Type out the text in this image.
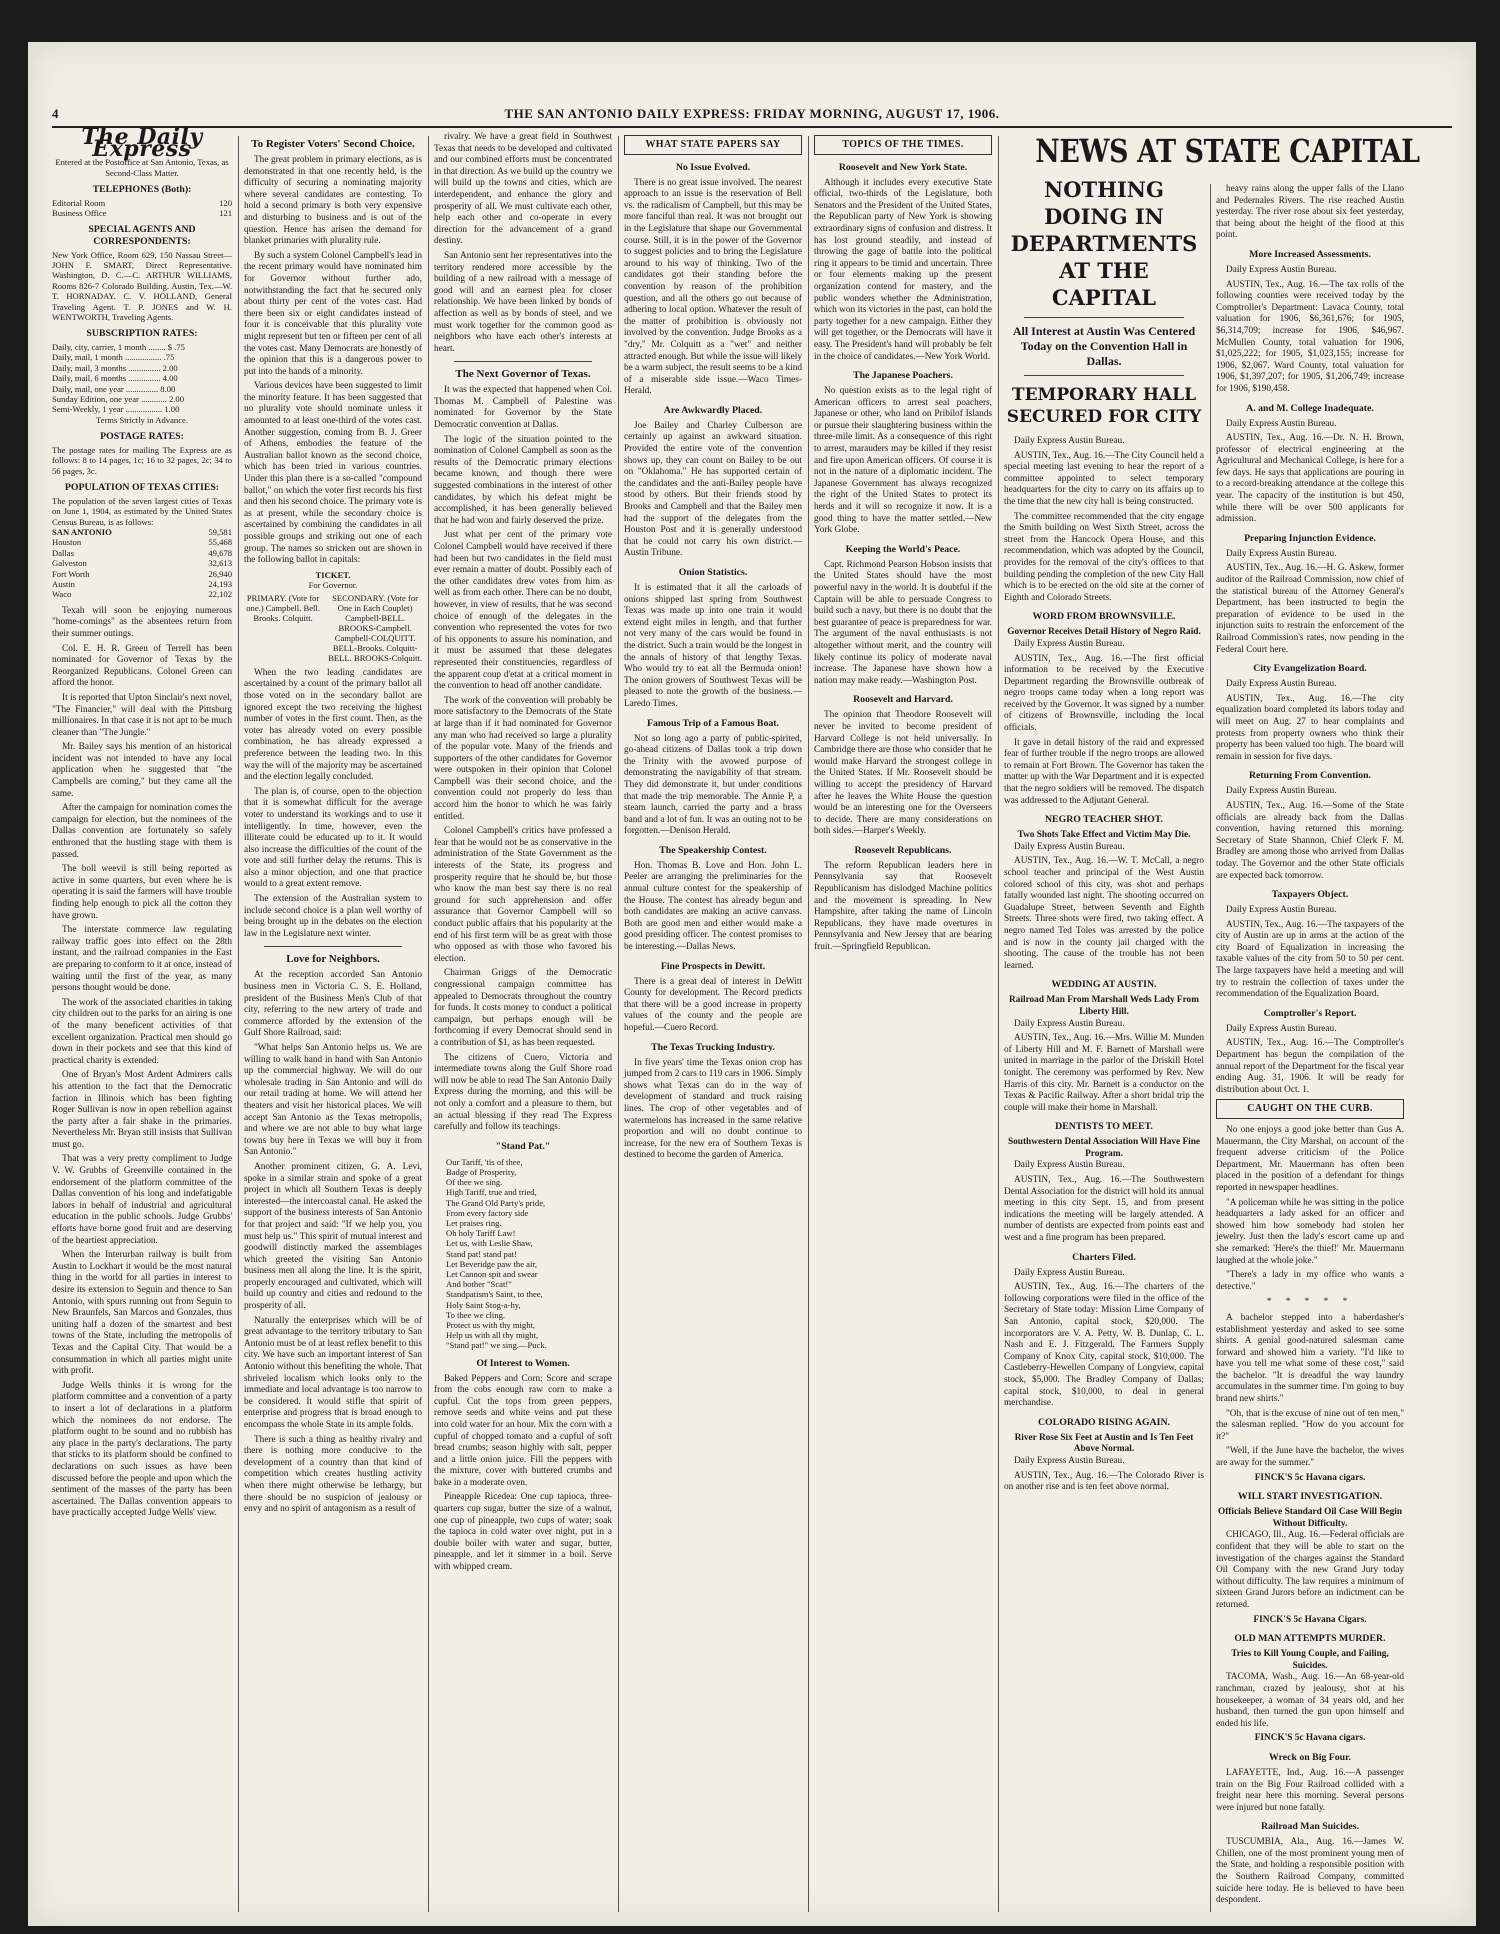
4	THE SAN ANTONIO DAILY EXPRESS: FRIDAY MORNING, AUGUST 17, 1906.
The Daily Express
Entered at the Postoffice at San Antonio, Texas, as Second-Class Matter.
TELEPHONES (Both):
Editorial Room	120
Business Office	121
SPECIAL AGENTS AND CORRESPONDENTS:
New York Office, Room 629, 150 Nassau Street—JOHN F. SMART, Direct Representative. Washington, D. C.—C. ARTHUR WILLIAMS, Rooms 826-7 Colorado Building. Austin, Tex.—W. T. HORNADAY. C. V. HOLLAND, General Traveling Agent. T. P. JONES and W. H. WENTWORTH, Traveling Agents.
SUBSCRIPTION RATES:
Daily, city, carrier, 1 month ........ $ .75
Daily, mail, 1 month ................. .75
Daily, mail, 3 months ............... 2.00
Daily, mail, 6 months ............... 4.00
Daily, mail, one year ............... 8.00
Sunday Edition, one year ............ 2.00
Semi-Weekly, 1 year ................. 1.00
Terms Strictly in Advance.
POSTAGE RATES:
The postage rates for mailing The Express are as follows: 8 to 14 pages, 1c; 16 to 32 pages, 2c; 34 to 56 pages, 3c.
POPULATION OF TEXAS CITIES:
The population of the seven largest cities of Texas on June 1, 1904, as estimated by the United States Census Bureau, is as follows:
SAN ANTONIO	59,581
Houston	55,468
Dallas	49,678
Galveston	32,613
Fort Worth	26,940
Austin	24,193
Waco	22,102

Texah will soon be enjoying numerous "home-comings" as the absentees return from their summer outings.

Col. E. H. R. Green of Terrell has been nominated for Governor of Texas by the Reorganized Republicans. Colonel Green can afford the honor.

It is reported that Upton Sinclair's next novel, "The Financier," will deal with the Pittsburg millionaires. In that case it is not apt to be much cleaner than "The Jungle."

Mr. Bailey says his mention of an historical incident was not intended to have any local application when he suggested that "the Campbells are coming," but they came all the same.

After the campaign for nomination comes the campaign for election, but the nominees of the Dallas convention are fortunately so safely enthroned that the hustling stage with them is passed.

The boll weevil is still being reported as active in some quarters, but even where he is operating it is said the farmers will have trouble finding help enough to pick all the cotton they have grown.

The interstate commerce law regulating railway traffic goes into effect on the 28th instant, and the railroad companies in the East are preparing to conform to it at once, instead of waiting until the first of the year, as many persons thought would be done.

The work of the associated charities in taking city children out to the parks for an airing is one of the many beneficent activities of that excellent organization. Practical men should go down in their pockets and see that this kind of practical charity is extended.

One of Bryan's Most Ardent Admirers calls his attention to the fact that the Democratic faction in Illinois which has been fighting Roger Sullivan is now in open rebellion against the party after a fair shake in the primaries. Nevertheless Mr. Bryan still insists that Sullivan must go.

That was a very pretty compliment to Judge V. W. Grubbs of Greenville contained in the endorsement of the platform committee of the Dallas convention of his long and indefatigable labors in behalf of industrial and agricultural education in the public schools. Judge Grubbs' efforts have borne good fruit and are deserving of the heartiest appreciation.

When the Interurban railway is built from Austin to Lockhart it would be the most natural thing in the world for all parties in interest to desire its extension to Seguin and thence to San Antonio, with spurs running out from Seguin to New Braunfels, San Marcos and Gonzales, thus uniting half a dozen of the smartest and best towns of the State, including the metropolis of Texas and the Capital City. That would be a consummation in which all parties might unite with profit.

Judge Wells thinks it is wrong for the platform committee and a convention of a party to insert a lot of declarations in a platform which the nominees do not endorse. The platform ought to be sound and no rubbish has any place in the party's declarations. The party that sticks to its platform should be confined to declarations on such issues as have been discussed before the people and upon which the sentiment of the masses of the party has been ascertained. The Dallas convention appears to have practically accepted Judge Wells' view.

To Register Voters' Second Choice.

The great problem in primary elections, as is demonstrated in that one recently held, is the difficulty of securing a nominating majority where several candidates are contesting. To hold a second primary is both very expensive and disturbing to business and is out of the question. Hence has arisen the demand for blanket primaries with plurality rule.

By such a system Colonel Campbell's lead in the recent primary would have nominated him for Governor without further ado, notwithstanding the fact that he secured only about thirty per cent of the votes cast. Had there been six or eight candidates instead of four it is conceivable that this plurality vote might represent but ten or fifteen per cent of all the votes cast. Many Democrats are honestly of the opinion that this is a dangerous power to put into the hands of a minority.

Various devices have been suggested to limit the minority feature. It has been suggested that no plurality vote should nominate unless it amounted to at least one-third of the votes cast. Another suggestion, coming from B. J. Greer of Athens, embodies the feature of the Australian ballot known as the second choice, which has been tried in various countries. Under this plan there is a so-called "compound ballot," on which the voter first records his first and then his second choice. The primary vote is as at present, while the secondary choice is ascertained by combining the candidates in all possible groups and striking out one of each group. The names so stricken out are shown in the following ballot in capitals:

TICKET.
For Governor.
PRIMARY. (Vote for one.) Campbell. Bell. Brooks. Colquitt.
SECONDARY. (Vote for One in Each Couplet) Campbell-BELL. BROOKS-Campbell. Campbell-COLQUITT. BELL-Brooks. Colquitt-BELL. BROOKS-Colquitt.

When the two leading candidates are ascertained by a count of the primary ballot all those voted on in the secondary ballot are ignored except the two receiving the highest number of votes in the first count. Then, as the voter has already voted on every possible combination, he has already expressed a preference between the leading two. In this way the will of the majority may be ascertained and the election legally concluded.

The plan is, of course, open to the objection that it is somewhat difficult for the average voter to understand its workings and to use it intelligently. In time, however, even the illiterate could be educated up to it. It would also increase the difficulties of the count of the vote and still further delay the returns. This is also a minor objection, and one that practice would to a great extent remove.

The extension of the Australian system to include second choice is a plan well worthy of being brought up in the debates on the election law in the Legislature next winter.

Love for Neighbors.

At the reception accorded San Antonio business men in Victoria C. S. E. Holland, president of the Business Men's Club of that city, referring to the new artery of trade and commerce afforded by the extension of the Gulf Shore Railroad, said:

"What helps San Antonio helps us. We are willing to walk hand in hand with San Antonio up the commercial highway. We will do our wholesale trading in San Antonio and will do our retail trading at home. We will attend her theaters and visit her historical places. We will accept San Antonio as the Texas metropolis, and where we are not able to buy what large towns buy here in Texas we will buy it from San Antonio."

Another prominent citizen, G. A. Levi, spoke in a similar strain and spoke of a great project in which all Southern Texas is deeply interested—the intercoastal canal. He asked the support of the business interests of San Antonio for that project and said: "If we help you, you must help us." This spirit of mutual interest and goodwill distinctly marked the assemblages which greeted the visiting San Antonio business men all along the line. It is the spirit, properly encouraged and cultivated, which will build up country and cities and redound to the prosperity of all.

Naturally the enterprises which will be of great advantage to the territory tributary to San Antonio must be of at least reflex benefit to this city. We have such an important interest of San Antonio without this benefiting the whole. That shriveled localism which looks only to the immediate and local advantage is too narrow to be considered. It would stifle that spirit of enterprise and progress that is broad enough to encompass the whole State in its ample folds.

There is such a thing as healthy rivalry and there is nothing more conducive to the development of a country than that kind of competition which creates hustling activity when there might otherwise be lethargy, but there should be no suspicion of jealousy or envy and no spirit of antagonism as a result of

rivalry. We have a great field in Southwest Texas that needs to be developed and cultivated and our combined efforts must be concentrated in that direction. As we build up the country we will build up the towns and cities, which are interdependent, and enhance the glory and prosperity of all. We must cultivate each other, help each other and co-operate in every direction for the advancement of a grand destiny.

San Antonio sent her representatives into the territory rendered more accessible by the building of a new railroad with a message of good will and an earnest plea for closer relationship. We have been linked by bonds of affection as well as by bonds of steel, and we must work together for the common good as neighbors who have each other's interests at heart.

The Next Governor of Texas.

It was the expected that happened when Col. Thomas M. Campbell of Palestine was nominated for Governor by the State Democratic convention at Dallas.

The logic of the situation pointed to the nomination of Colonel Campbell as soon as the results of the Democratic primary elections became known, and though there were suggested combinations in the interest of other candidates, by which his defeat might be accomplished, it has been generally believed that he had won and fairly deserved the prize.

Just what per cent of the primary vote Colonel Campbell would have received if there had been but two candidates in the field must ever remain a matter of doubt. Possibly each of the other candidates drew votes from him as well as from each other. There can be no doubt, however, in view of results, that he was second choice of enough of the delegates in the convention who represented the votes for two of his opponents to assure his nomination, and it must be assumed that these delegates represented their constituencies, regardless of the apparent coup d'etat at a critical moment in the convention to head off another candidate.

The work of the convention will probably be more satisfactory to the Democrats of the State at large than if it had nominated for Governor any man who had received so large a plurality of the popular vote. Many of the friends and supporters of the other candidates for Governor were outspoken in their opinion that Colonel Campbell was their second choice, and the convention could not properly do less than accord him the honor to which he was fairly entitled.

Colonel Campbell's critics have professed a fear that he would not be as conservative in the administration of the State Government as the interests of the State, its progress and prosperity require that he should be, but those who know the man best say there is no real ground for such apprehension and offer assurance that Governor Campbell will so conduct public affairs that his popularity at the end of his first term will be as great with those who opposed as with those who favored his election.

Chairman Griggs of the Democratic congressional campaign committee has appealed to Democrats throughout the country for funds. It costs money to conduct a political campaign, but perhaps enough will be forthcoming if every Democrat should send in a contribution of $1, as has been requested.

The citizens of Cuero, Victoria and intermediate towns along the Gulf Shore road will now be able to read The San Antonio Daily Express during the morning, and this will be not only a comfort and a pleasure to them, but an actual blessing if they read The Express carefully and follow its teachings.

"Stand Pat."
Our Tariff, 'tis of thee,
Badge of Prosperity,
Of thee we sing.
High Tariff, true and tried,
The Grand Old Party's pride,
From every factory side
Let praises ring.
Oh holy Tariff Law!
Let us, with Leslie Shaw,
Stand pat! stand pat!
Let Beveridge paw the air,
Let Cannon spit and swear
And bother "Scat!"
Standpatism's Saint, to thee,
Holy Saint Stog-a-hy,
To thee we cling.
Protect us with thy might,
Help us with all thy might,
"Stand pat!" we sing.—Puck.
Of Interest to Women.

Baked Peppers and Corn: Score and scrape from the cobs enough raw corn to make a cupful. Cut the tops from green peppers, remove seeds and white veins and put these into cold water for an hour. Mix the corn with a cupful of chopped tomato and a cupful of soft bread crumbs; season highly with salt, pepper and a little onion juice. Fill the peppers with the mixture, cover with buttered crumbs and bake in a moderate oven.

Pineapple Ricedea: One cup tapioca, three-quarters cup sugar, butter the size of a walnut, one cup of pineapple, two cups of water; soak the tapioca in cold water over night, put in a double boiler with water and sugar, butter, pineapple, and let it simmer in a boil. Serve with whipped cream.

WHAT STATE PAPERS SAY
No Issue Evolved.

There is no great issue involved. The nearest approach to an issue is the reservation of Bell vs. the radicalism of Campbell, but this may be more fanciful than real. It was not brought out in the Legislature that shape our Governmental course. Still, it is in the power of the Governor to suggest policies and to bring the Legislature around to his way of thinking. Two of the candidates got their standing before the convention by reason of the prohibition question, and all the others go out because of adhering to local option. Whatever the result of the matter of prohibition is obviously not involved by the convention. Judge Brooks as a "dry," Mr. Colquitt as a "wet" and neither attracted enough. But while the issue will likely be a warm subject, the result seems to be a kind of a miserable side issue.—Waco Times-Herald.

Are Awkwardly Placed.

Joe Bailey and Charley Culberson are certainly up against an awkward situation. Provided the entire vote of the convention shows up, they can count on Bailey to be out on "Oklahoma." He has supported certain of the candidates and the anti-Bailey people have stood by others. But their friends stood by Brooks and Campbell and that the Bailey men had the support of the delegates from the Houston Post and it is generally understood that he could not carry his own district.—Austin Tribune.

Onion Statistics.

It is estimated that it all the carloads of onions shipped last spring from Southwest Texas was made up into one train it would extend eight miles in length, and that further not very many of the cars would be found in the district. Such a train would be the longest in the annals of history of that lengthy Texas. Who would try to eat all the Bermuda onion! The onion growers of Southwest Texas will be pleased to note the growth of the business.—Laredo Times.

Famous Trip of a Famous Boat.

Not so long ago a party of public-spirited, go-ahead citizens of Dallas took a trip down the Trinity with the avowed purpose of demonstrating the navigability of that stream. They did demonstrate it, but under conditions that made the trip memorable. The Annie P, a steam launch, carried the party and a brass band and a lot of fun. It was an outing not to be forgotten.—Denison Herald.

The Speakership Contest.

Hon. Thomas B. Love and Hon. John L. Peeler are arranging the preliminaries for the annual culture contest for the speakership of the House. The contest has already begun and both candidates are making an active canvass. Both are good men and either would make a good presiding officer. The contest promises to be interesting.—Dallas News.

Fine Prospects in Dewitt.

There is a great deal of interest in DeWitt County for development. The Record predicts that there will be a good increase in property values of the county and the people are hopeful.—Cuero Record.

The Texas Trucking Industry.

In five years' time the Texas onion crop has jumped from 2 cars to 119 cars in 1906. Simply shows what Texas can do in the way of development of standard and truck raising lines. The crop of other vegetables and of watermelons has increased in the same relative proportion and will no doubt continue to increase, for the new era of Southern Texas is destined to become the garden of America.

TOPICS OF THE TIMES.
Roosevelt and New York State.

Although it includes every executive State official, two-thirds of the Legislature, both Senators and the President of the United States, the Republican party of New York is showing extraordinary signs of confusion and distress. It has lost ground steadily, and instead of throwing the gage of battle into the political ring it appears to be timid and uncertain. Three or four elements making up the present organization contend for mastery, and the public wonders whether the Administration, which won its victories in the past, can hold the party together for a new campaign. Either they will get together, or the Democrats will have it easy. The President's hand will probably be felt in the choice of candidates.—New York World.

The Japanese Poachers.

No question exists as to the legal right of American officers to arrest seal poachers, Japanese or other, who land on Pribilof Islands or pursue their slaughtering business within the three-mile limit. As a consequence of this right to arrest, marauders may be killed if they resist and fire upon American officers. Of course it is not in the nature of a diplomatic incident. The Japanese Government has always recognized the right of the United States to protect its herds and it will so recognize it now. It is a good thing to have the matter settled.—New York Globe.

Keeping the World's Peace.

Capt. Richmond Pearson Hobson insists that the United States should have the most powerful navy in the world. It is doubtful if the Captain will be able to persuade Congress to build such a navy, but there is no doubt that the best guarantee of peace is preparedness for war. The argument of the naval enthusiasts is not altogether without merit, and the country will likely continue its policy of moderate naval increase. The Japanese have shown how a nation may make ready.—Washington Post.

Roosevelt and Harvard.

The opinion that Theodore Roosevelt will never be invited to become president of Harvard College is not held universally. In Cambridge there are those who consider that he would make Harvard the strongest college in the United States. If Mr. Roosevelt should be willing to accept the presidency of Harvard after he leaves the White House the question would be an interesting one for the Overseers to decide. There are many considerations on both sides.—Harper's Weekly.

Roosevelt Republicans.

The reform Republican leaders here in Pennsylvania say that Roosevelt Republicanism has dislodged Machine politics and the movement is spreading. In New Hampshire, after taking the name of Lincoln Republicans, they have made overtures in Pennsylvania and New Jersey that are bearing fruit.—Springfield Republican.

NEWS AT STATE CAPITAL
NOTHING DOING IN DEPARTMENTS AT THE CAPITAL
All Interest at Austin Was Centered Today on the Convention Hall in Dallas.
TEMPORARY HALL SECURED FOR CITY

Daily Express Austin Bureau.

AUSTIN, Tex., Aug. 16.—The City Council held a special meeting last evening to hear the report of a committee appointed to select temporary headquarters for the city to carry on its affairs up to the time that the new city hall is being constructed.

The committee recommended that the city engage the Smith building on West Sixth Street, across the street from the Hancock Opera House, and this recommendation, which was adopted by the Council, provides for the removal of the city's offices to that building pending the completion of the new City Hall which is to be erected on the old site at the corner of Eighth and Colorado Streets.

WORD FROM BROWNSVILLE.
Governor Receives Detail History of Negro Raid.

Daily Express Austin Bureau.

AUSTIN, Tex., Aug. 16.—The first official information to be received by the Executive Department regarding the Brownsville outbreak of negro troops came today when a long report was received by the Governor. It was signed by a number of citizens of Brownsville, including the local officials.

It gave in detail history of the raid and expressed fear of further trouble if the negro troops are allowed to remain at Fort Brown. The Governor has taken the matter up with the War Department and it is expected that the negro soldiers will be removed. The dispatch was addressed to the Adjutant General.

NEGRO TEACHER SHOT.
Two Shots Take Effect and Victim May Die.

Daily Express Austin Bureau.

AUSTIN, Tex., Aug. 16.—W. T. McCall, a negro school teacher and principal of the West Austin colored school of this city, was shot and perhaps fatally wounded last night. The shooting occurred on Guadalupe Street, between Seventh and Eighth Streets. Three shots were fired, two taking effect. A negro named Ted Toles was arrested by the police and is now in the county jail charged with the shooting. The cause of the trouble has not been learned.

WEDDING AT AUSTIN.
Railroad Man From Marshall Weds Lady From Liberty Hill.

Daily Express Austin Bureau.

AUSTIN, Tex., Aug. 16.—Mrs. Willie M. Munden of Liberty Hill and M. F. Barnett of Marshall were united in marriage in the parlor of the Driskill Hotel tonight. The ceremony was performed by Rev. New Harris of this city. Mr. Barnett is a conductor on the Texas & Pacific Railway. After a short bridal trip the couple will make their home in Marshall.

DENTISTS TO MEET.
Southwestern Dental Association Will Have Fine Program.

Daily Express Austin Bureau.

AUSTIN, Tex., Aug. 16.—The Southwestern Dental Association for the district will hold its annual meeting in this city Sept. 15, and from present indications the meeting will be largely attended. A number of dentists are expected from points east and west and a fine program has been prepared.

Charters Filed.

Daily Express Austin Bureau.

AUSTIN, Tex., Aug. 16.—The charters of the following corporations were filed in the office of the Secretary of State today: Mission Lime Company of San Antonio, capital stock, $20,000. The incorporators are V. A. Petty, W. B. Dunlap, C. L. Nash and E. J. Fitzgerald. The Farmers Supply Company of Knox City, capital stock, $10,000. The Castleberry-Hewellen Company of Longview, capital stock, $5,000. The Bradley Company of Dallas; capital stock, $10,000, to deal in general merchandise.

COLORADO RISING AGAIN.
River Rose Six Feet at Austin and Is Ten Feet Above Normal.

Daily Express Austin Bureau.

AUSTIN, Tex., Aug. 16.—The Colorado River is on another rise and is ten feet above normal.

heavy rains along the upper falls of the Llano and Pedernales Rivers. The rise reached Austin yesterday. The river rose about six feet yesterday, that being about the height of the flood at this point.

More Increased Assessments.

Daily Express Austin Bureau.

AUSTIN, Tex., Aug. 16.—The tax rolls of the following counties were received today by the Comptroller's Department: Lavaca County, total valuation for 1906, $6,361,676; for 1905, $6,314,709; increase for 1906, $46,967. McMullen County, total valuation for 1906, $1,025,222; for 1905, $1,023,155; increase for 1906, $2,067. Ward County, total valuation for 1906, $1,397,207; for 1905, $1,206,749; increase for 1906, $190,458.

A. and M. College Inadequate.

Daily Express Austin Bureau.

AUSTIN, Tex., Aug. 16.—Dr. N. H. Brown, professor of electrical engineering at the Agricultural and Mechanical College, is here for a few days. He says that applications are pouring in to a record-breaking attendance at the college this year. The capacity of the institution is but 450, while there will be over 500 applicants for admission.

Preparing Injunction Evidence.

Daily Express Austin Bureau.

AUSTIN, Tex., Aug. 16.—H. G. Askew, former auditor of the Railroad Commission, now chief of the statistical bureau of the Attorney General's Department, has been instructed to begin the preparation of evidence to be used in the injunction suits to restrain the enforcement of the Railroad Commission's rates, now pending in the Federal Court here.

City Evangelization Board.

Daily Express Austin Bureau.

AUSTIN, Tex., Aug. 16.—The city equalization board completed its labors today and will meet on Aug. 27 to hear complaints and protests from property owners who think their property has been valued too high. The board will remain in session for five days.

Returning From Convention.

Daily Express Austin Bureau.

AUSTIN, Tex., Aug. 16.—Some of the State officials are already back from the Dallas convention, having returned this morning. Secretary of State Shannon, Chief Clerk F. M. Bradley are among those who arrived from Dallas today. The Governor and the other State officials are expected back tomorrow.

Taxpayers Object.

Daily Express Austin Bureau.

AUSTIN, Tex., Aug. 16.—The taxpayers of the city of Austin are up in arms at the action of the city Board of Equalization in increasing the taxable values of the city from 50 to 50 per cent. The large taxpayers have held a meeting and will try to restrain the collection of taxes under the recommendation of the Equalization Board.

Comptroller's Report.

Daily Express Austin Bureau.

AUSTIN, Tex., Aug. 16.—The Comptroller's Department has begun the compilation of the annual report of the Department for the fiscal year ending Aug. 31, 1906. It will be ready for distribution about Oct. 1.

CAUGHT ON THE CURB.

No one enjoys a good joke better than Gus A. Mauermann, the City Marshal, on account of the frequent adverse criticism of the Police Department, Mr. Mauermann has often been placed in the position of a defendant for things reported in newspaper headlines.

"A policeman while he was sitting in the police headquarters a lady asked for an officer and showed him how somebody had stolen her jewelry. Just then the lady's escort came up and she remarked: 'Here's the thief!' Mr. Mauermann laughed at the whole joke."

"There's a lady in my office who wants a detective."

* * * * *

A bachelor stepped into a haberdasher's establishment yesterday and asked to see some shirts. A genial good-natured salesman came forward and showed him a variety. "I'd like to have you tell me what some of these cost," said the bachelor. "It is dreadful the way laundry accumulates in the summer time. I'm going to buy brand new shirts."

"Oh, that is the excuse of nine out of ten men," the salesman replied. "How do you account for it?"

"Well, if the June have the bachelor, the wives are away for the summer."

FINCK'S 5c Havana cigars.
WILL START INVESTIGATION.
Officials Believe Standard Oil Case Will Begin Without Difficulty.

CHICAGO, Ill., Aug. 16.—Federal officials are confident that they will be able to start on the investigation of the charges against the Standard Oil Company with the new Grand Jury today without difficulty. The law requires a minimum of sixteen Grand Jurors before an indictment can be returned.

FINCK'S 5c Havana Cigars.
OLD MAN ATTEMPTS MURDER.
Tries to Kill Young Couple, and Failing, Suicides.

TACOMA, Wash., Aug. 16.—An 68-year-old ranchman, crazed by jealousy, shot at his housekeeper, a woman of 34 years old, and her husband, then turned the gun upon himself and ended his life.

FINCK'S 5c Havana cigars.
Wreck on Big Four.

LAFAYETTE, Ind., Aug. 16.—A passenger train on the Big Four Railroad collided with a freight near here this morning. Several persons were injured but none fatally.

Railroad Man Suicides.

TUSCUMBIA, Ala., Aug. 16.—James W. Chillen, one of the most prominent young men of the State, and holding a responsible position with the Southern Railroad Company, committed suicide here today. He is believed to have been despondent.
